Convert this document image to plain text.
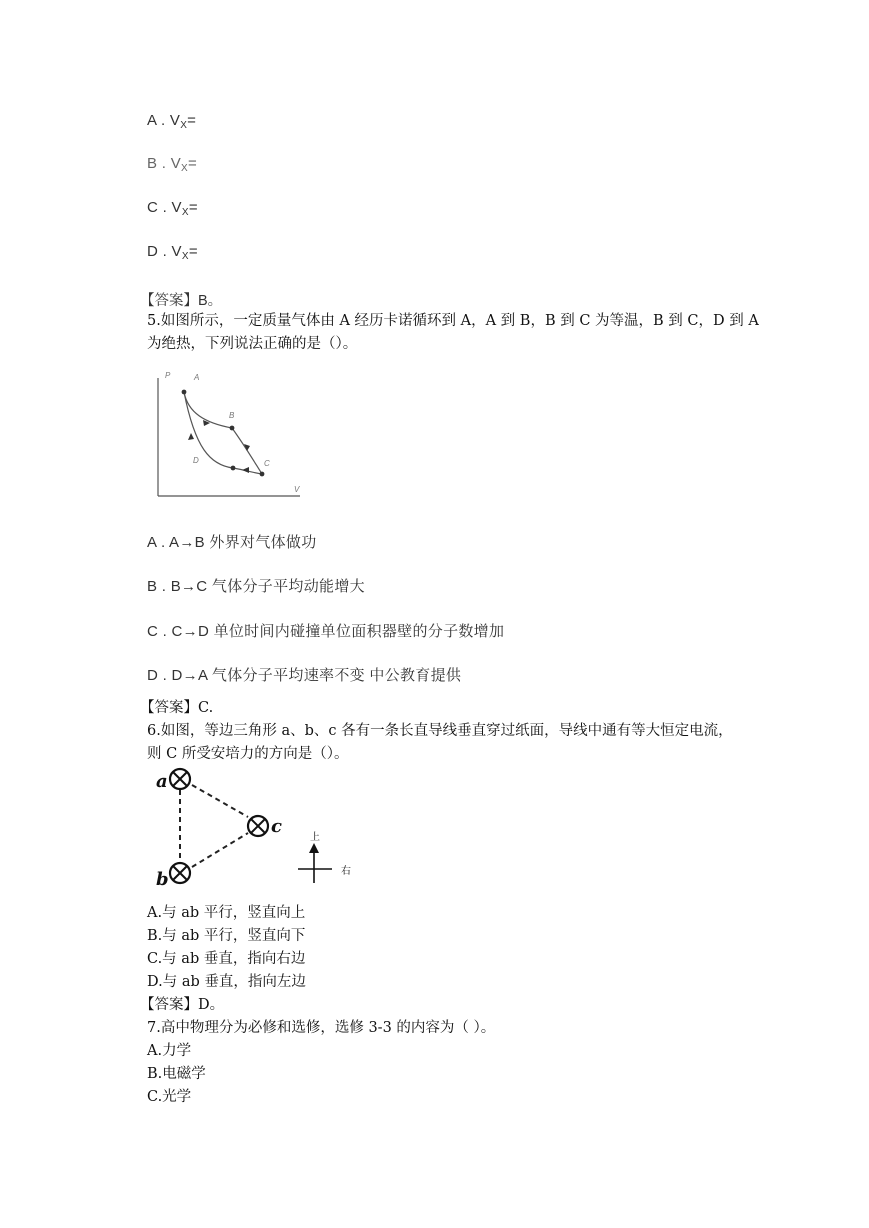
A . $V_X=$
B . $V_X=$
C . $V_X=$
D . $V_X=$
【答案】B。
5.如图所示，一定质量气体由 A 经历卡诺循环到 A，A 到 B，B 到 C 为等温，B 到 C，D 到 A
为绝热，下列说法正确的是（）。
P
V
A
B
C
D
A . A→B 外界对气体做功
B . B→C 气体分子平均动能增大
C . C→D 单位时间内碰撞单位面积器壁的分子数增加
D . D→A 气体分子平均速率不变 中公教育提供
【答案】C.
6.如图，等边三角形 a、b、c 各有一条长直导线垂直穿过纸面，导线中通有等大恒定电流，
则 C 所受安培力的方向是（）。
a
c
b
上
右
A.与 ab 平行，竖直向上
B.与 ab 平行，竖直向下
C.与 ab 垂直，指向右边
D.与 ab 垂直，指向左边
【答案】D。
7.高中物理分为必修和选修，选修 3-3 的内容为（ ）。
A.力学
B.电磁学
C.光学
